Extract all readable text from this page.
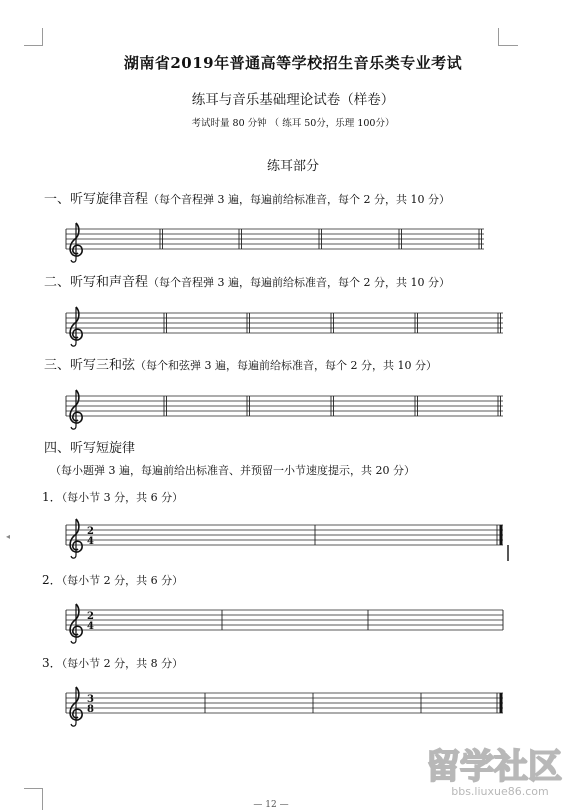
湖南省2019年普通高等学校招生音乐类专业考试
练耳与音乐基础理论试卷（样卷）
考试时量 80 分钟 （ 练耳 50分，乐理 100分）
练耳部分
一、听写旋律音程（每个音程弹 3 遍，每遍前给标准音，每个 2 分，共 10 分）
二、听写和声音程（每个音程弹 3 遍，每遍前给标准音，每个 2 分，共 10 分）
三、听写三和弦（每个和弦弹 3 遍，每遍前给标准音，每个 2 分，共 10 分）
四、听写短旋律
（每小题弹 3 遍，每遍前给出标准音、并预留一小节速度提示，共 20 分）
1．（每小节 3 分，共 6 分）
2．（每小节 2 分，共 6 分）
3．（每小节 2 分，共 8 分）
2
4
2
4
3
8
◂
— 12 —
留学社区
bbs.liuxue86.com
